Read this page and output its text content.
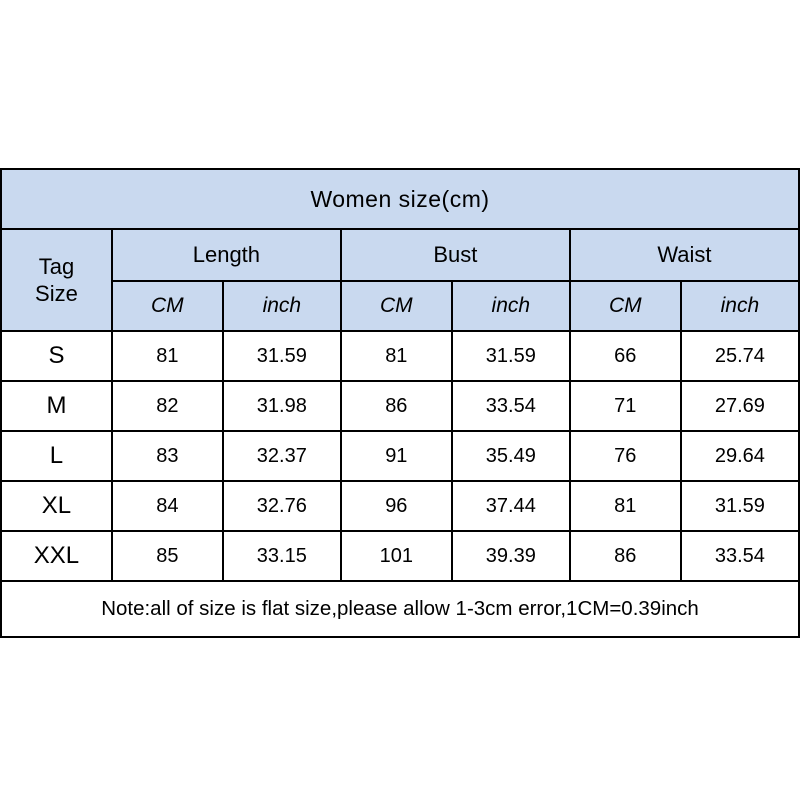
Women size(cm)						

Tag
Size	Length		Bust		Waist	
	CM	inch	CM	inch	CM	inch
S	81	31.59	81	31.59	66	25.74
M	82	31.98	86	33.54	71	27.69
L	83	32.37	91	35.49	76	29.64
XL	84	32.76	96	37.44	81	31.59
XXL	85	33.15	101	39.39	86	33.54
Note:all of size is flat size,please allow 1-3cm error,1CM=0.39inch						
